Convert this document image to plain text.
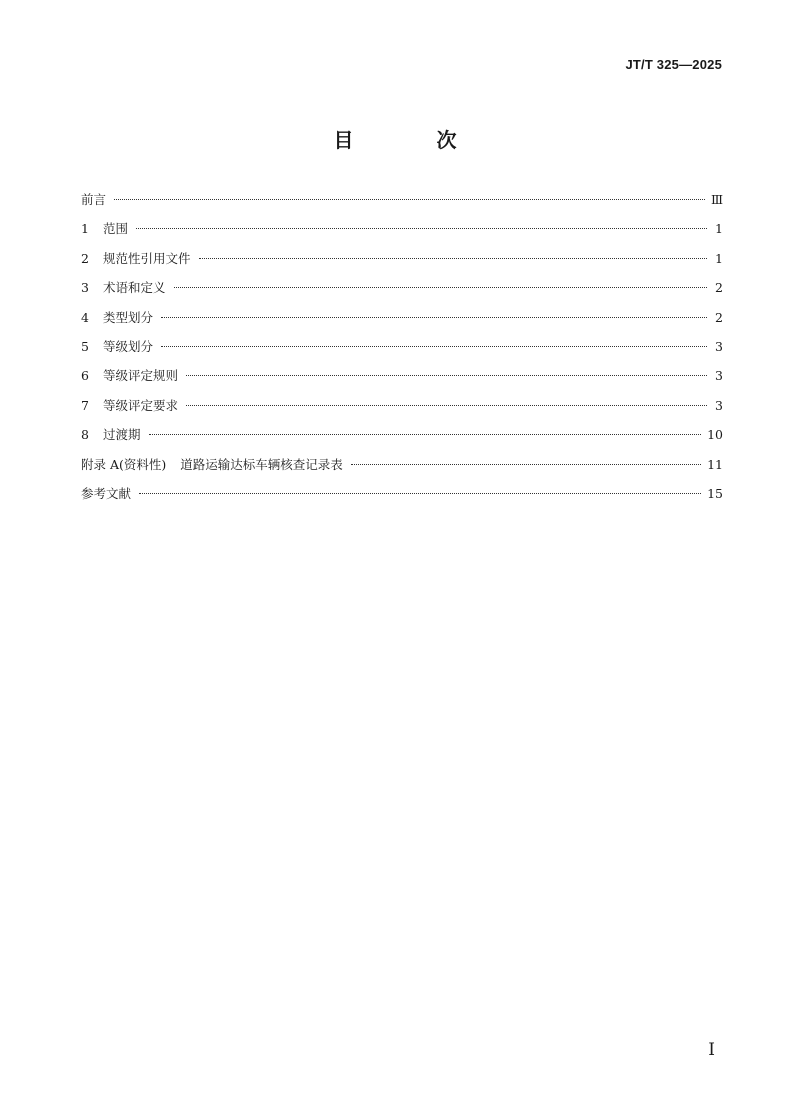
JT/T 325—2025
目 次
前言	Ⅲ
1	范围	1
2	规范性引用文件	1
3	术语和定义	2
4	类型划分	2
5	等级划分	3
6	等级评定规则	3
7	等级评定要求	3
8	过渡期	10
附录 A(资料性) 道路运输达标车辆核查记录表	11
参考文献	15
I
